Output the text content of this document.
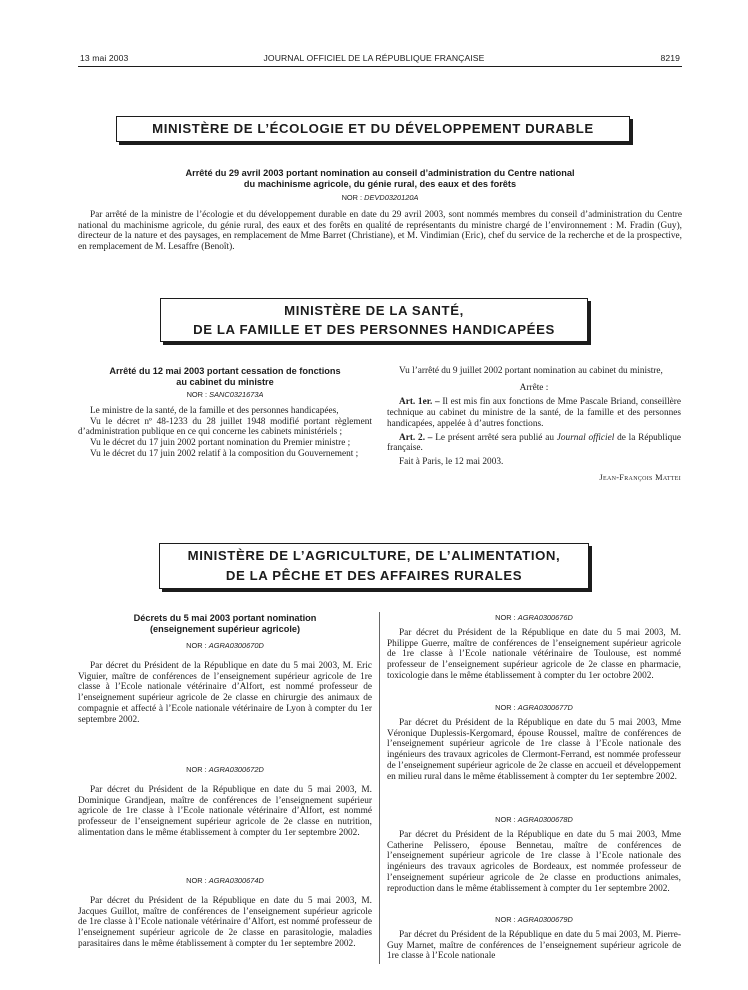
13 mai 2003	JOURNAL OFFICIEL DE LA RÉPUBLIQUE FRANÇAISE	8219
MINISTÈRE DE L’ÉCOLOGIE ET DU DÉVELOPPEMENT DURABLE
Arrêté du 29 avril 2003 portant nomination au conseil d’administration du Centre national
du machinisme agricole, du génie rural, des eaux et des forêts
NOR : DEVD0320120A

Par arrêté de la ministre de l’écologie et du développement durable en date du 29 avril 2003, sont nommés membres du conseil d’administration du Centre national du machinisme agricole, du génie rural, des eaux et des forêts en qualité de représentants du ministre chargé de l’environnement : M. Fradin (Guy), directeur de la nature et des paysages, en remplacement de Mme Barret (Christiane), et M. Vindimian (Eric), chef du service de la recherche et de la prospective, en remplacement de M. Lesaffre (Benoît).

MINISTÈRE DE LA SANTÉ,
DE LA FAMILLE ET DES PERSONNES HANDICAPÉES
Arrêté du 12 mai 2003 portant cessation de fonctions
au cabinet du ministre
NOR : SANC0321673A

Le ministre de la santé, de la famille et des personnes handicapées,

Vu le décret nº 48-1233 du 28 juillet 1948 modifié portant règlement d’administration publique en ce qui concerne les cabinets ministériels ;

Vu le décret du 17 juin 2002 portant nomination du Premier ministre ;

Vu le décret du 17 juin 2002 relatif à la composition du Gouvernement ;

Vu l’arrêté du 9 juillet 2002 portant nomination au cabinet du ministre,

Arrête :

Art. 1er. – Il est mis fin aux fonctions de Mme Pascale Briand, conseillère technique au cabinet du ministre de la santé, de la famille et des personnes handicapées, appelée à d’autres fonctions.

Art. 2. – Le présent arrêté sera publié au Journal officiel de la République française.

Fait à Paris, le 12 mai 2003.

Jean-François Mattei
MINISTÈRE DE L’AGRICULTURE, DE L’ALIMENTATION,
DE LA PÊCHE ET DES AFFAIRES RURALES
Décrets du 5 mai 2003 portant nomination
(enseignement supérieur agricole)
NOR : AGRA0300670D

Par décret du Président de la République en date du 5 mai 2003, M. Eric Viguier, maître de conférences de l’enseignement supérieur agricole de 1re classe à l’Ecole nationale vétérinaire d’Alfort, est nommé professeur de l’enseignement supérieur agricole de 2e classe en chirurgie des animaux de compagnie et affecté à l’Ecole nationale vétérinaire de Lyon à compter du 1er septembre 2002.

NOR : AGRA0300672D

Par décret du Président de la République en date du 5 mai 2003, M. Dominique Grandjean, maître de conférences de l’enseignement supérieur agricole de 1re classe à l’Ecole nationale vétérinaire d’Alfort, est nommé professeur de l’enseignement supérieur agricole de 2e classe en nutrition, alimentation dans le même établissement à compter du 1er septembre 2002.

NOR : AGRA0300674D

Par décret du Président de la République en date du 5 mai 2003, M. Jacques Guillot, maître de conférences de l’enseignement supérieur agricole de 1re classe à l’Ecole nationale vétérinaire d’Alfort, est nommé professeur de l’enseignement supérieur agricole de 2e classe en parasitologie, maladies parasitaires dans le même établissement à compter du 1er septembre 2002.

NOR : AGRA0300676D

Par décret du Président de la République en date du 5 mai 2003, M. Philippe Guerre, maître de conférences de l’enseignement supérieur agricole de 1re classe à l’Ecole nationale vétérinaire de Toulouse, est nommé professeur de l’enseignement supérieur agricole de 2e classe en pharmacie, toxicologie dans le même établissement à compter du 1er octobre 2002.

NOR : AGRA0300677D

Par décret du Président de la République en date du 5 mai 2003, Mme Véronique Duplessis-Kergomard, épouse Roussel, maître de conférences de l’enseignement supérieur agricole de 1re classe à l’Ecole nationale des ingénieurs des travaux agricoles de Clermont-Ferrand, est nommée professeur de l’enseignement supérieur agricole de 2e classe en accueil et développement en milieu rural dans le même établissement à compter du 1er septembre 2002.

NOR : AGRA0300678D

Par décret du Président de la République en date du 5 mai 2003, Mme Catherine Pelissero, épouse Bennetau, maître de conférences de l’enseignement supérieur agricole de 1re classe à l’Ecole nationale des ingénieurs des travaux agricoles de Bordeaux, est nommée professeur de l’enseignement supérieur agricole de 2e classe en productions animales, reproduction dans le même établissement à compter du 1er septembre 2002.

NOR : AGRA0300679D

Par décret du Président de la République en date du 5 mai 2003, M. Pierre-Guy Marnet, maître de conférences de l’enseignement supérieur agricole de 1re classe à l’Ecole nationale
